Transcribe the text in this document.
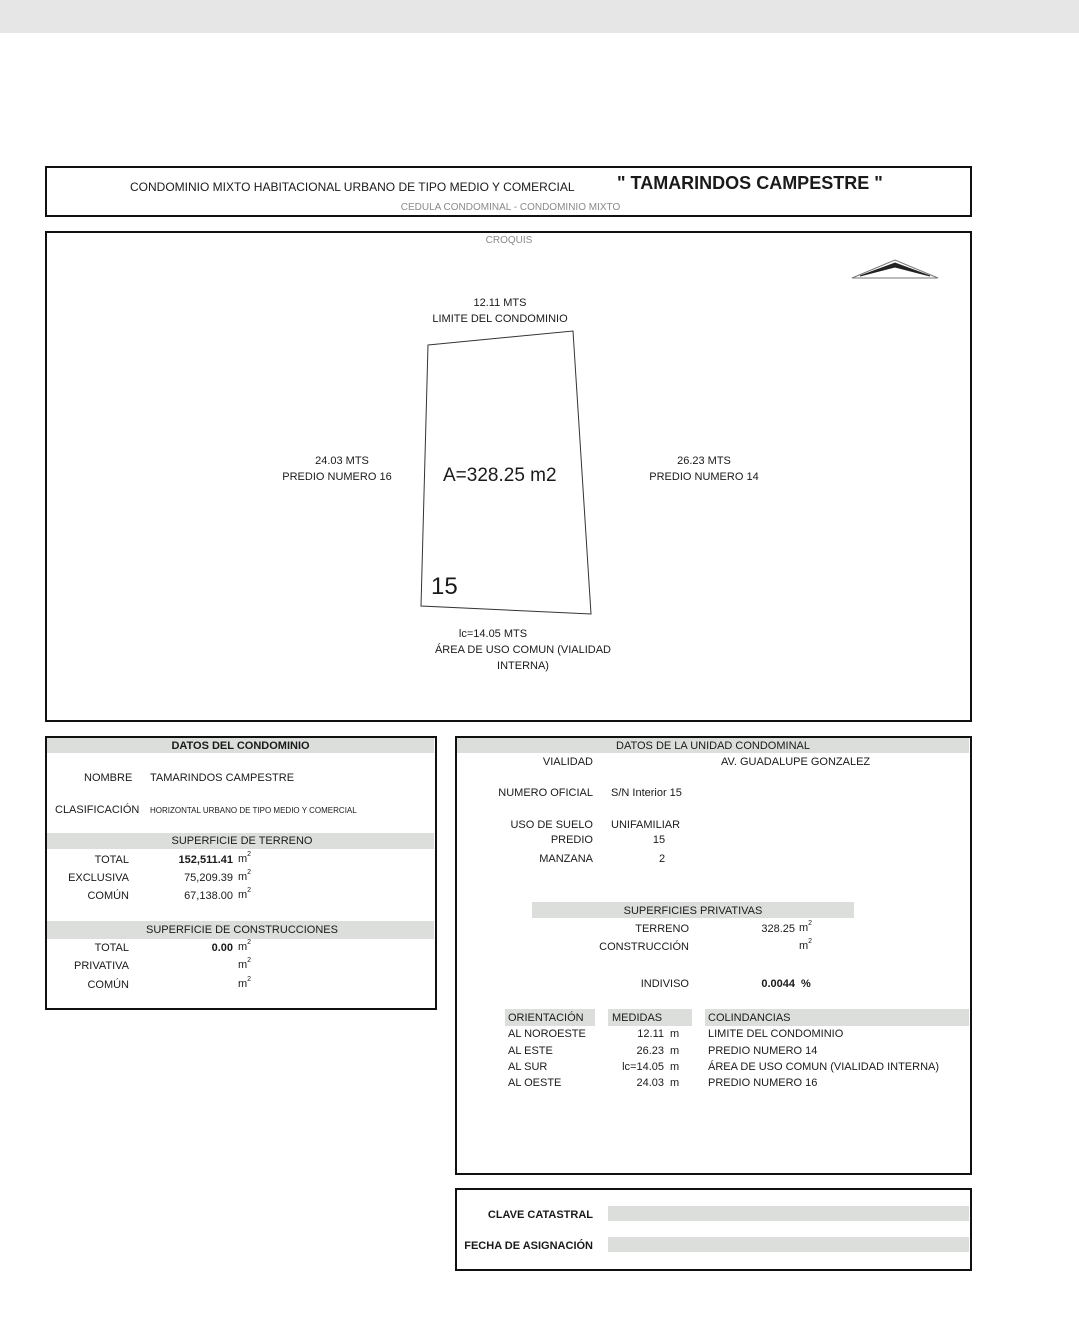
CONDOMINIO MIXTO HABITACIONAL URBANO DE TIPO MEDIO Y COMERCIAL " TAMARINDOS CAMPESTRE "
CEDULA CONDOMINAL - CONDOMINIO MIXTO
CROQUIS
12.11 MTS
LIMITE DEL CONDOMINIO
24.03 MTS
PREDIO NUMERO 16
26.23 MTS
PREDIO NUMERO 14
A=328.25 m2
15
lc=14.05 MTS
ÁREA DE USO COMUN (VIALIDAD
INTERNA)
DATOS DEL CONDOMINIO
NOMBRE TAMARINDOS CAMPESTRE
CLASIFICACIÓN HORIZONTAL URBANO DE TIPO MEDIO Y COMERCIAL
SUPERFICIE DE TERRENO
TOTAL	152,511.41 $m^2$
EXCLUSIVA	75,209.39 $m^2$
COMÚN	67,138.00 $m^2$
SUPERFICIE DE CONSTRUCCIONES
TOTAL	0.00 $m^2$
PRIVATIVA	$m^2$
COMÚN	$m^2$
DATOS DE LA UNIDAD CONDOMINAL
VIALIDAD	AV. GUADALUPE GONZALEZ
NUMERO OFICIAL S/N Interior 15
USO DE SUELO UNIFAMILIAR
PREDIO	15
MANZANA	2
SUPERFICIES PRIVATIVAS
TERRENO	328.25 $m^2$
CONSTRUCCIÓN	$m^2$
INDIVISO	0.0044 %
ORIENTACIÓN	MEDIDAS	COLINDANCIAS
AL NOROESTE	12.11 m	LIMITE DEL CONDOMINIO
AL ESTE	26.23 m	PREDIO NUMERO 14
AL SUR	lc=14.05 m	ÁREA DE USO COMUN (VIALIDAD INTERNA)
AL OESTE	24.03 m	PREDIO NUMERO 16
CLAVE CATASTRAL
FECHA DE ASIGNACIÓN
